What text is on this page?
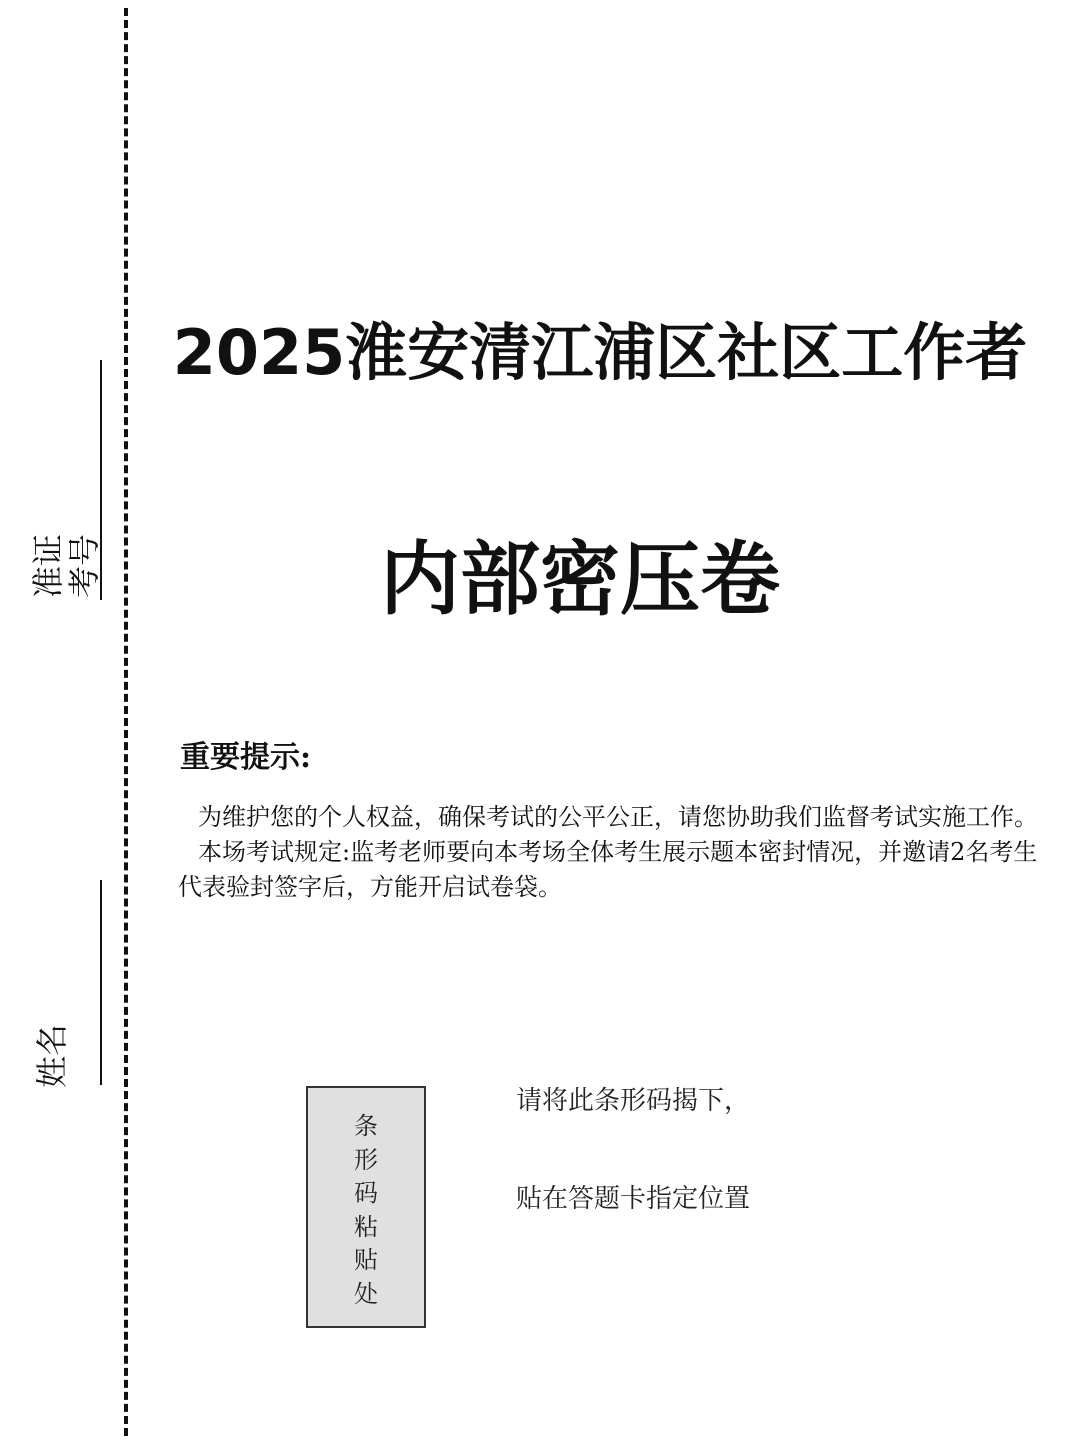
准证考号
姓名
2025淮安清江浦区社区工作者
内部密压卷
重要提示:

为维护您的个人权益，确保考试的公平公正，请您协助我们监督考试实施工作。

本场考试规定:监考老师要向本考场全体考生展示题本密封情况，并邀请2名考生代表验封签字后，方能开启试卷袋。

条
形
码
粘
贴
处
请将此条形码揭下，
贴在答题卡指定位置
